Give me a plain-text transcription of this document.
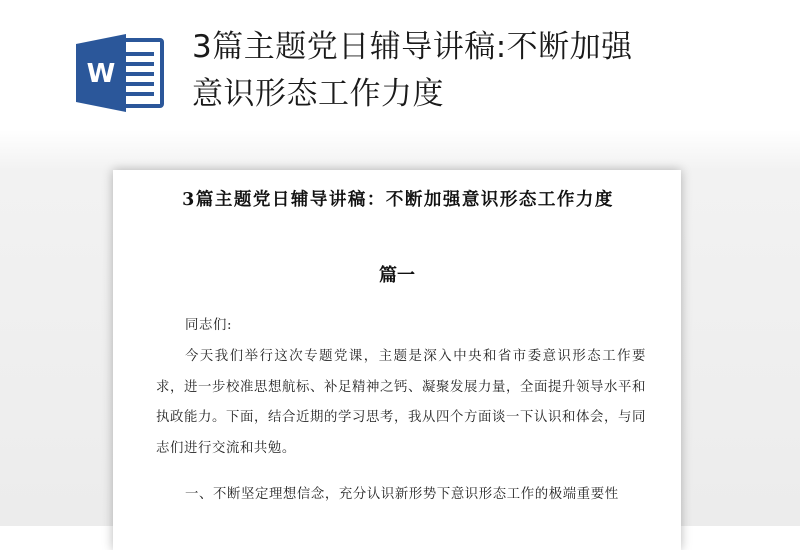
W
3篇主题党日辅导讲稿:不断加强意识形态工作力度
3篇主题党日辅导讲稿：不断加强意识形态工作力度
篇一

同志们:

今天我们举行这次专题党课，主题是深入中央和省市委意识形态工作要求，进一步校准思想航标、补足精神之钙、凝聚发展力量，全面提升领导水平和执政能力。下面，结合近期的学习思考，我从四个方面谈一下认识和体会，与同志们进行交流和共勉。

一、不断坚定理想信念，充分认识新形势下意识形态工作的极端重要性
